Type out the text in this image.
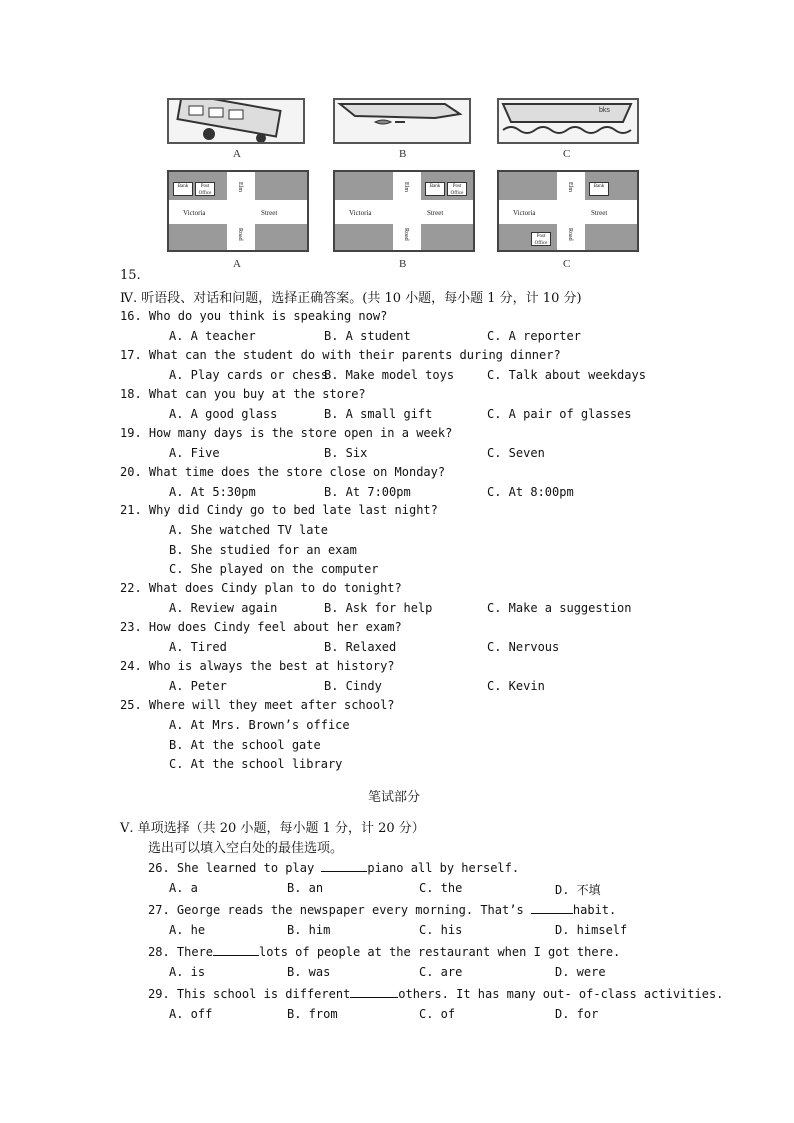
bks
A	B	C
Bank	Post Office
Victoria	Street
Elm
Road
Bank	Post Office
Victoria	Street
Elm
Road
Bank
Post Office
Victoria	Street
Elm
Road
A	B	C
15.
Ⅳ. 听语段、对话和问题，选择正确答案。(共 10 小题，每小题 1 分，计 10 分)
16. Who do you think is speaking now?
A. A teacher	B. A student	C. A reporter
17. What can the student do with their parents during dinner?
A. Play cards or chess
B. Make model toys	C. Talk about weekdays
18. What can you buy at the store?
A. A good glass	B. A small gift	C. A pair of glasses
19. How many days is the store open in a week?
A. Five	B. Six	C. Seven
20. What time does the store close on Monday?
A. At 5:30pm	B. At 7:00pm	C. At 8:00pm
21. Why did Cindy go to bed late last night?
A. She watched TV late
B. She studied for an exam
C. She played on the computer
22. What does Cindy plan to do tonight?
A. Review again	B. Ask for help	C. Make a suggestion
23. How does Cindy feel about her exam?
A. Tired	B. Relaxed	C. Nervous
24. Who is always the best at history?
A. Peter	B. Cindy	C. Kevin
25. Where will they meet after school?
A. At Mrs. Brown’s office
B. At the school gate
C. At the school library
笔试部分
Ⅴ. 单项选择（共 20 小题，每小题 1 分，计 20 分）
选出可以填入空白处的最佳选项。
26. She learned to play	piano all by herself.
A. a	B. an	C. the	D. 不填
27. George reads the newspaper every morning. That’s	habit.
A. he	B. him	C. his	D. himself
28. There	lots of people at the restaurant when I got there.
A. is	B. was	C. are	D. were
29. This school is different	others. It has many out- of-class activities.
A. off	B. from	C. of	D. for
